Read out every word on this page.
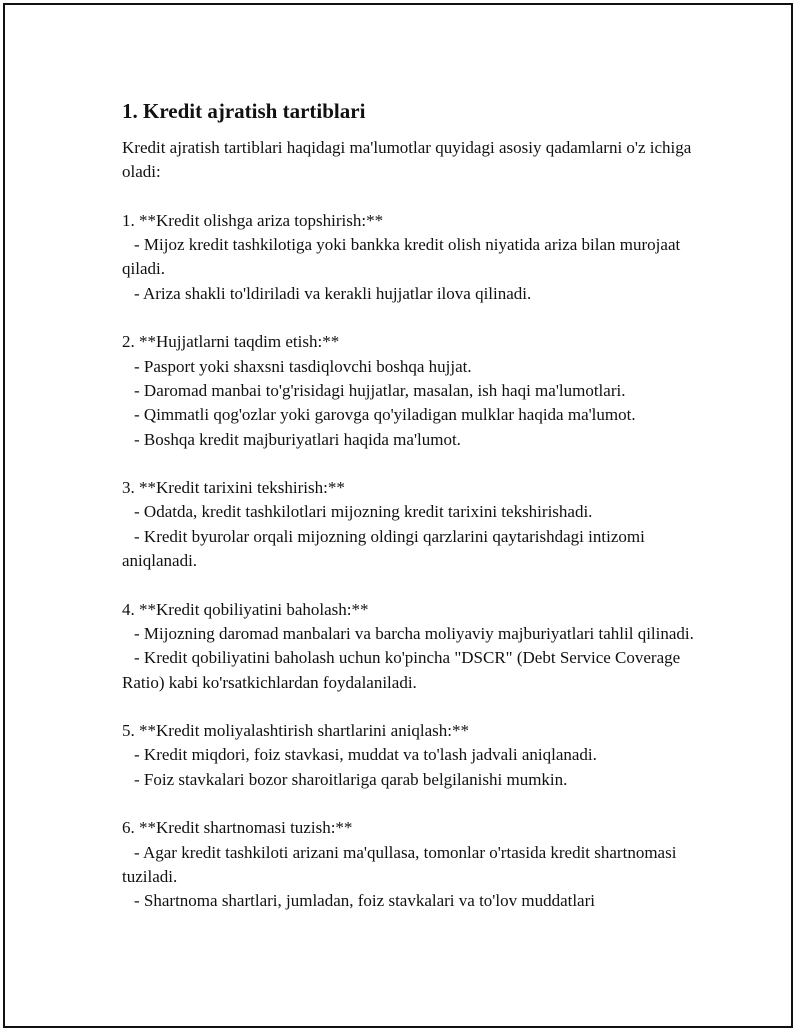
1. Kredit ajratish tartiblari

Kredit ajratish tartiblari haqidagi ma'lumotlar quyidagi asosiy qadamlarni o'z ichiga oladi:

1. **Kredit olishga ariza topshirish:**
- Mijoz kredit tashkilotiga yoki bankka kredit olish niyatida ariza bilan murojaat qiladi.
- Ariza shakli to'ldiriladi va kerakli hujjatlar ilova qilinadi.
2. **Hujjatlarni taqdim etish:**
- Pasport yoki shaxsni tasdiqlovchi boshqa hujjat.
- Daromad manbai to'g'risidagi hujjatlar, masalan, ish haqi ma'lumotlari.
- Qimmatli qog'ozlar yoki garovga qo'yiladigan mulklar haqida ma'lumot.
- Boshqa kredit majburiyatlari haqida ma'lumot.
3. **Kredit tarixini tekshirish:**
- Odatda, kredit tashkilotlari mijozning kredit tarixini tekshirishadi.
- Kredit byurolar orqali mijozning oldingi qarzlarini qaytarishdagi intizomi aniqlanadi.
4. **Kredit qobiliyatini baholash:**
- Mijozning daromad manbalari va barcha moliyaviy majburiyatlari tahlil qilinadi.
- Kredit qobiliyatini baholash uchun ko'pincha "DSCR" (Debt Service Coverage Ratio) kabi ko'rsatkichlardan foydalaniladi.
5. **Kredit moliyalashtirish shartlarini aniqlash:**
- Kredit miqdori, foiz stavkasi, muddat va to'lash jadvali aniqlanadi.
- Foiz stavkalari bozor sharoitlariga qarab belgilanishi mumkin.
6. **Kredit shartnomasi tuzish:**
- Agar kredit tashkiloti arizani ma'qullasa, tomonlar o'rtasida kredit shartnomasi tuziladi.
- Shartnoma shartlari, jumladan, foiz stavkalari va to'lov muddatlari
